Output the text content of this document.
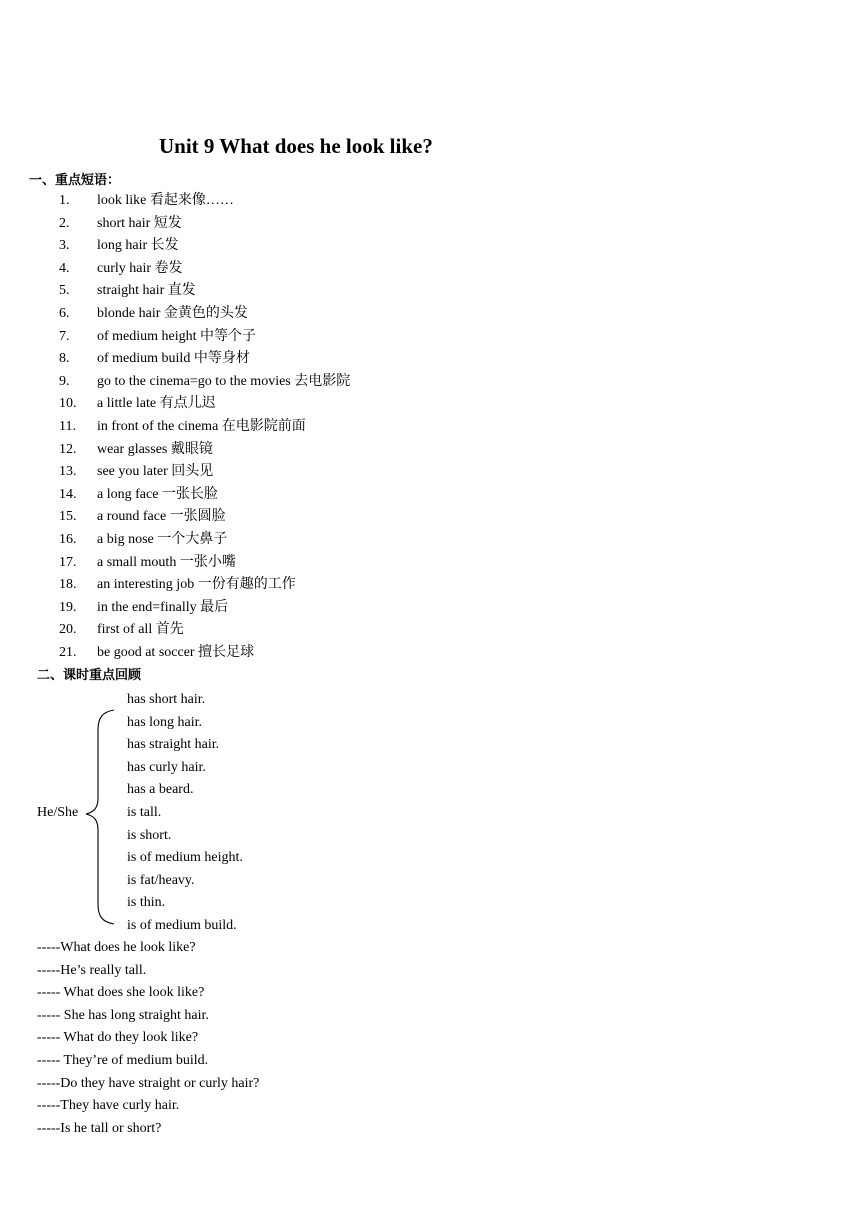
Unit 9 What does he look like?
一、重点短语：
1.	look like 看起来像……
2.	short hair 短发
3.	long hair 长发
4.	curly hair 卷发
5.	straight hair 直发
6.	blonde hair 金黄色的头发
7.	of medium height 中等个子
8.	of medium build 中等身材
9.	go to the cinema=go to the movies 去电影院
10.	a little late 有点儿迟
11.	in front of the cinema 在电影院前面
12.	wear glasses 戴眼镜
13.	see you later 回头见
14.	a long face 一张长脸
15.	a round face 一张圆脸
16.	a big nose 一个大鼻子
17.	a small mouth 一张小嘴
18.	an interesting job 一份有趣的工作
19.	in the end=finally 最后
20.	first of all 首先
21.	be good at soccer 擅长足球
二、课时重点回顾
He/She
has short hair.
has long hair.
has straight hair.
has curly hair.
has a beard.
is tall.
is short.
is of medium height.
is fat/heavy.
is thin.
is of medium build.
-----What does he look like?
-----He’s really tall.
----- What does she look like?
----- She has long straight hair.
----- What do they look like?
----- They’re of medium build.
-----Do they have straight or curly hair?
-----They have curly hair.
-----Is he tall or short?
